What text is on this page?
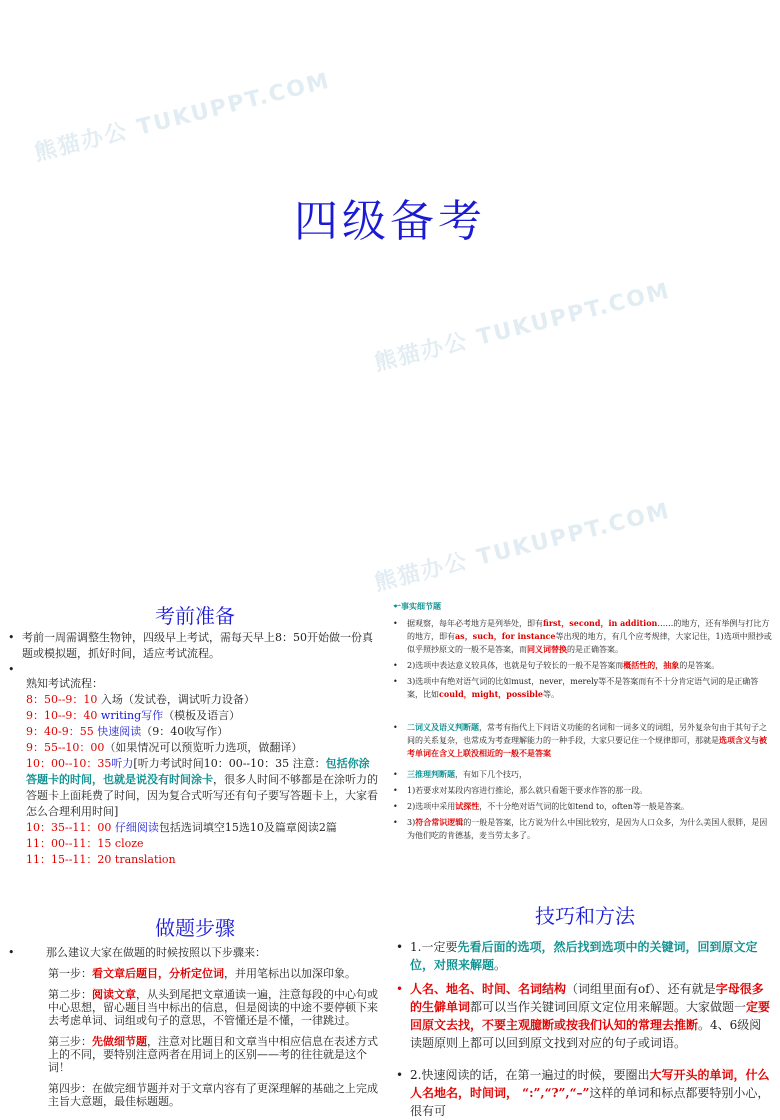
熊猫办公 TUKUPPT.COM
熊猫办公 TUKUPPT.COM
熊猫办公 TUKUPPT.COM
四级备考
考前准备
• 考前一周需调整生物钟，四级早上考试，需每天早上8：50开始做一份真题或模拟题，抓好时间，适应考试流程。
•
熟知考试流程：
8：50--9：10 入场（发试卷，调试听力设备）
9：10--9：40 writing写作（模板及语言）
9：40-9：55 快速阅读（9：40收写作）
9：55--10：00（如果情况可以预览听力选项，做翻译）
10：00--10：35听力[听力考试时间10：00--10：35 注意：包括你涂答题卡的时间，也就是说没有时间涂卡，很多人时间不够都是在涂听力的答题卡上面耗费了时间，因为复合式听写还有句子要写答题卡上，大家看怎么合理利用时间]
10：35--11：00 仔细阅读包括选词填空15选10及篇章阅读2篇
11：00--11：15 cloze
11：15--11：20 translation
• 一事实细节题
• 据观察，每年必考地方是列举处，即有first，second，in addition……的地方，还有举例与打比方的地方，即有as，such，for instance等出现的地方，有几个应考规律，大家记住，1)选项中照抄或似乎照抄原文的一般不是答案，而同义词替换的是正确答案。
• 2)选项中表达意义较具体，也就是句子较长的一般不是答案而概括性的，抽象的是答案。
• 3)选项中有绝对语气词的比如must，never，merely等不是答案而有不十分肯定语气词的是正确答案，比如could，might，possible等。
• 二词义及语义判断题，常考有指代上下问语义功能的名词和一词多义的词组，另外复杂句由于其句子之间的关系复杂，也常成为考查理解能力的一种手段，大家只要记住一个规律即可，那就是选项含义与被考单词在含义上联没相近的一般不是答案
• 三推理判断题，有如下几个技巧，
• 1)若要求对某段内容进行推论，那么就只看题干要求作答的那一段。
• 2)选项中采用试探性，不十分绝对语气词的比如tend to，often等一般是答案。
• 3)符合常识逻辑的一般是答案，比方说为什么中国比较穷，是因为人口众多，为什么美国人很胖，是因为他们吃的肯德基，麦当劳太多了。
做题步骤
• 那么建议大家在做题的时候按照以下步骤来：
第一步：看文章后题目，分析定位词，并用笔标出以加深印象。
第二步：阅读文章，从头到尾把文章通读一遍，注意每段的中心句或中心思想，留心题目当中标出的信息，但是阅读的中途不要停顿下来去考虑单词、词组或句子的意思，不管懂还是不懂，一律跳过。
第三步：先做细节题，注意对比题目和文章当中相应信息在表述方式上的不同，要特别注意两者在用词上的区别——考的往往就是这个词！
第四步：在做完细节题并对于文章内容有了更深理解的基础之上完成主旨大意题，最佳标题题。
技巧和方法
• 1.一定要先看后面的选项，然后找到选项中的关键词，回到原文定位，对照来解题。
• 人名、地名、时间、名词结构（词组里面有of）、还有就是字母很多的生僻单词都可以当作关键词回原文定位用来解题。大家做题一定要回原文去找，不要主观臆断或按我们认知的常理去推断。4、6级阅读题原则上都可以回到原文找到对应的句子或词语。
• 2.快速阅读的话，在第一遍过的时候，要圈出大写开头的单词，什么人名地名，时间词， “:”,“?”,“–”这样的单词和标点都要特别小心，很有可
